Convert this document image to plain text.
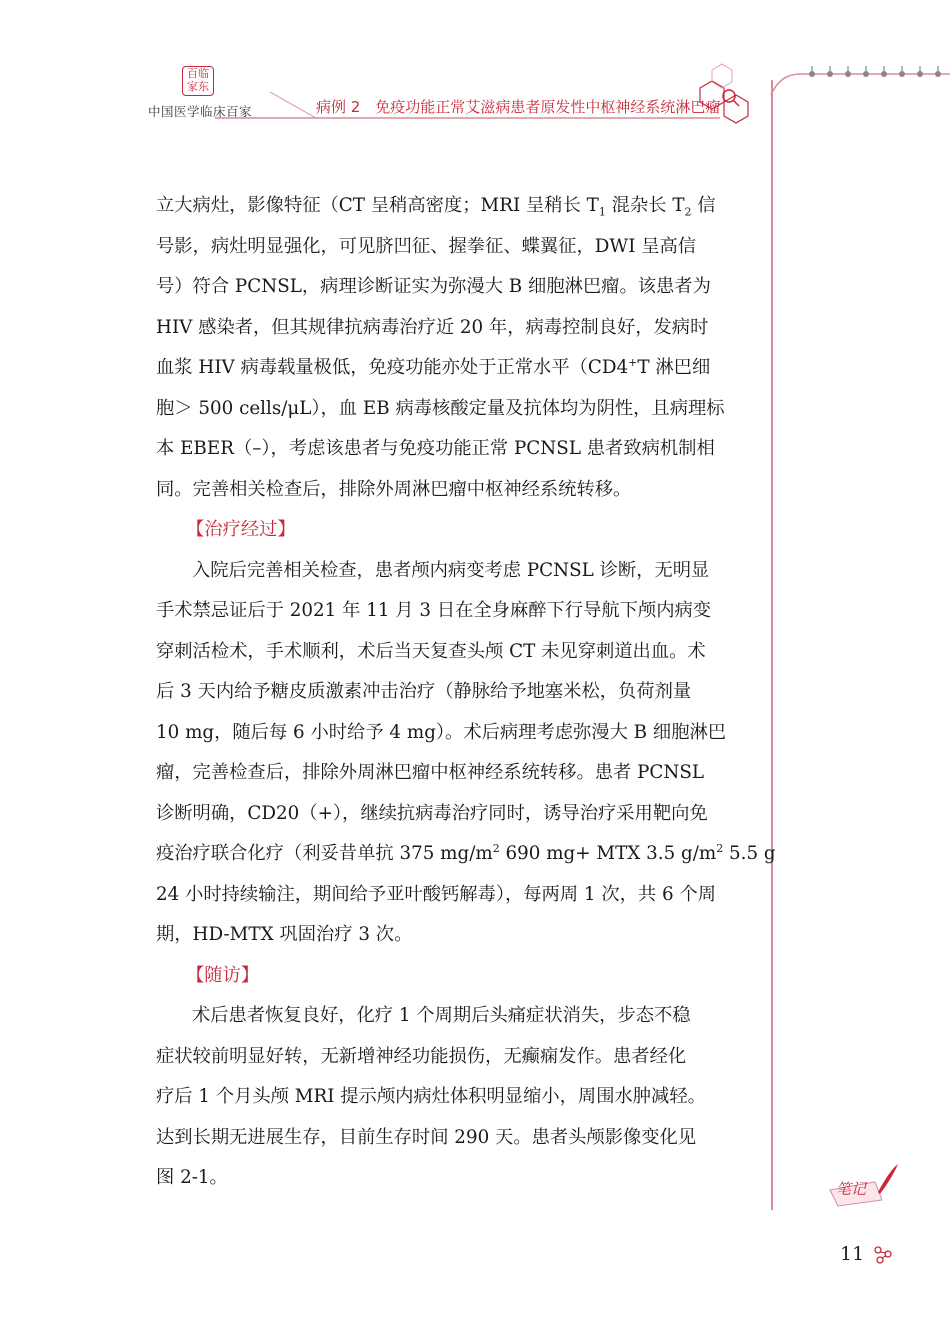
百临家东
中国医学临床百家	病例 2　免疫功能正常艾滋病患者原发性中枢神经系统淋巴瘤
立大病灶，影像特征（CT 呈稍高密度；MRI 呈稍长 $T_1$ 混杂长 $T_2$ 信
号影，病灶明显强化，可见脐凹征、握拳征、蝶翼征，DWI 呈高信
号）符合 PCNSL，病理诊断证实为弥漫大 B 细胞淋巴瘤。该患者为
HIV 感染者，但其规律抗病毒治疗近 20 年，病毒控制良好，发病时
血浆 HIV 病毒载量极低，免疫功能亦处于正常水平（CD4+T 淋巴细
胞＞ 500 cells/μL），血 EB 病毒核酸定量及抗体均为阴性，且病理标
本 EBER（–），考虑该患者与免疫功能正常 PCNSL 患者致病机制相
同。完善相关检查后，排除外周淋巴瘤中枢神经系统转移。
【治疗经过】
入院后完善相关检查，患者颅内病变考虑 PCNSL 诊断，无明显
手术禁忌证后于 2021 年 11 月 3 日在全身麻醉下行导航下颅内病变
穿刺活检术，手术顺利，术后当天复查头颅 CT 未见穿刺道出血。术
后 3 天内给予糖皮质激素冲击治疗（静脉给予地塞米松，负荷剂量
10 mg，随后每 6 小时给予 4 mg）。术后病理考虑弥漫大 B 细胞淋巴
瘤，完善检查后，排除外周淋巴瘤中枢神经系统转移。患者 PCNSL
诊断明确，CD20（+），继续抗病毒治疗同时，诱导治疗采用靶向免
疫治疗联合化疗（利妥昔单抗 375 $mg/m^2$ 690 mg+ MTX 3.5 $g/m^2$ 5.5 g
24 小时持续输注，期间给予亚叶酸钙解毒），每两周 1 次，共 6 个周
期，HD-MTX 巩固治疗 3 次。
【随访】
术后患者恢复良好，化疗 1 个周期后头痛症状消失，步态不稳
症状较前明显好转，无新增神经功能损伤，无癫痫发作。患者经化
疗后 1 个月头颅 MRI 提示颅内病灶体积明显缩小，周围水肿减轻。
达到长期无进展生存，目前生存时间 290 天。患者头颅影像变化见
图 2-1。
笔记
11
